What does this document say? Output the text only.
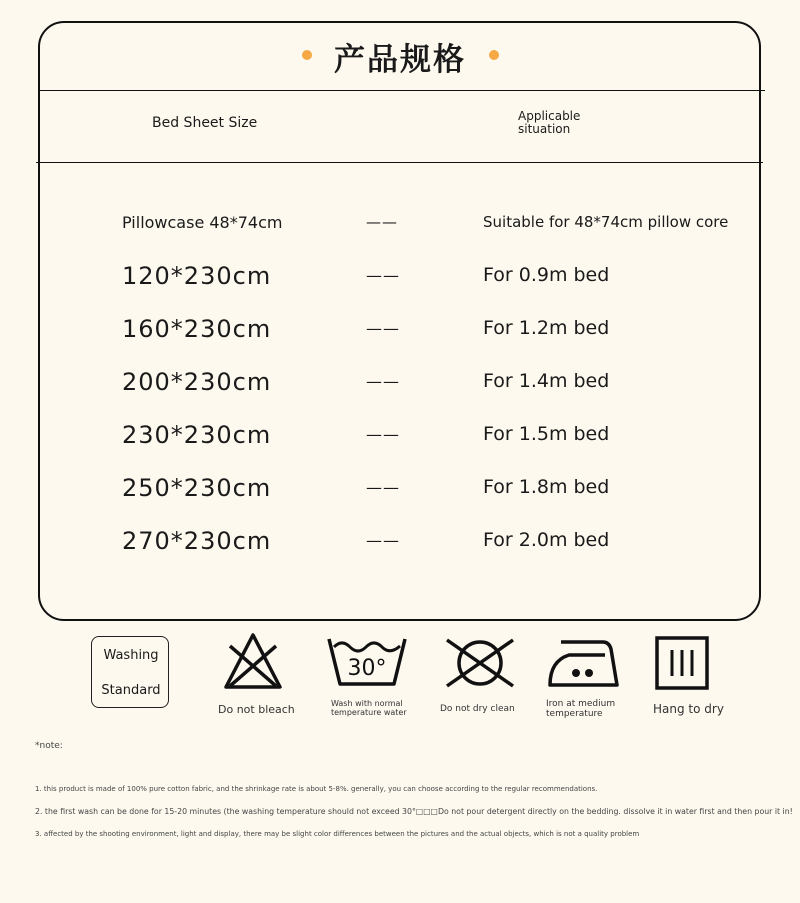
产品规格
Bed Sheet Size	Applicable situation
Pillowcase 48*74cm	——	Suitable for 48*74cm pillow core
120*230cm	——	For 0.9m bed
160*230cm	——	For 1.2m bed
200*230cm	——	For 1.4m bed
230*230cm	——	For 1.5m bed
250*230cm	——	For 1.8m bed
270*230cm	——	For 2.0m bed
Washing
Standard
Do not bleach
30°
Wash with normal temperature water	Do not dry clean	Iron at medium temperature	Hang to dry
*note:
1. this product is made of 100% pure cotton fabric, and the shrinkage rate is about 5-8%. generally, you can choose according to the regular recommendations.
2. the first wash can be done for 15-20 minutes (the washing temperature should not exceed 30°□□□Do not pour detergent directly on the bedding. dissolve it in water first and then pour it in!
3. affected by the shooting environment, light and display, there may be slight color differences between the pictures and the actual objects, which is not a quality problem
